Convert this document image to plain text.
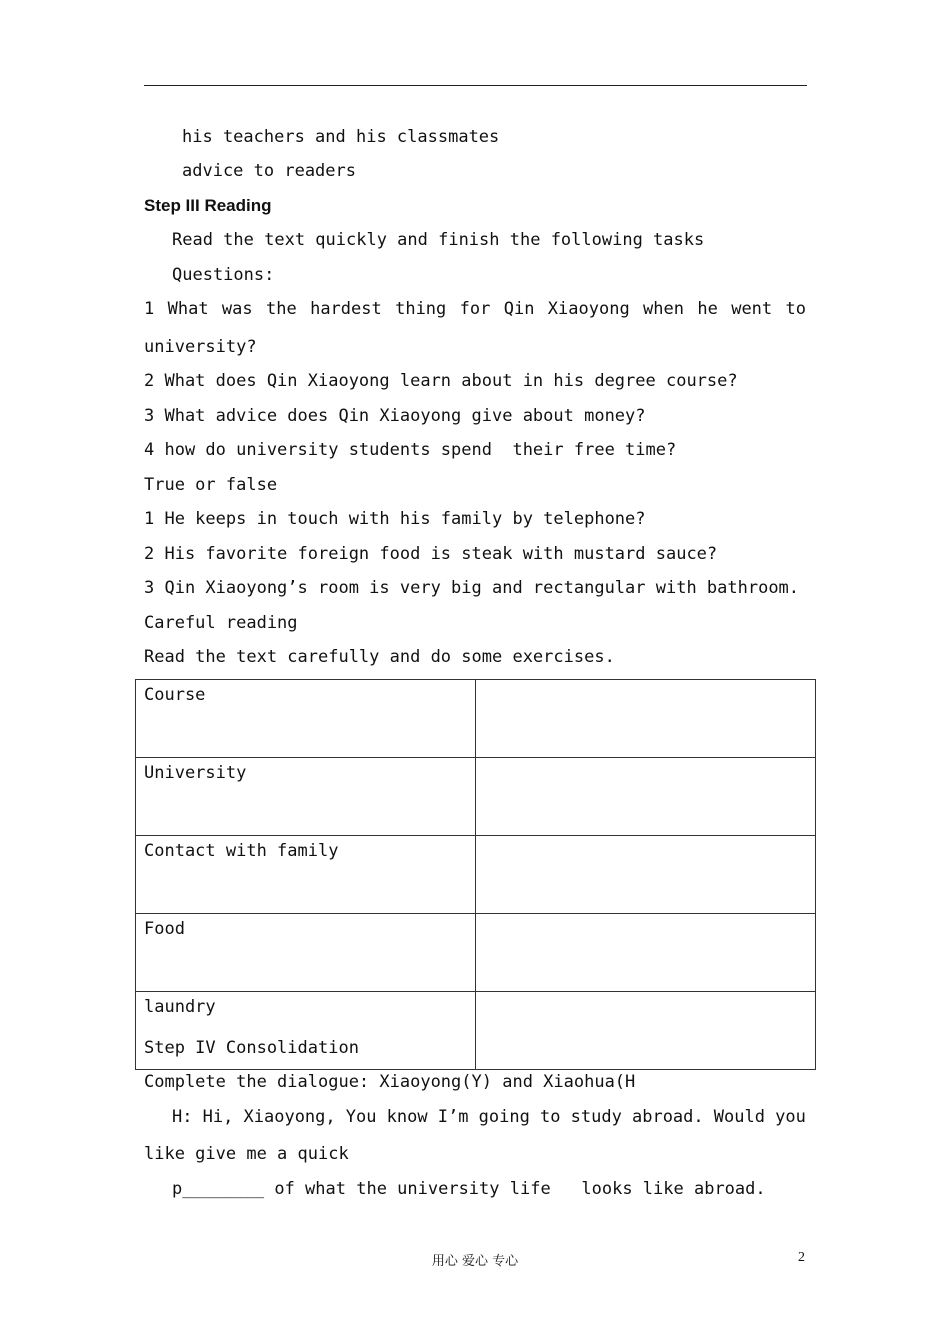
his teachers and his classmates
advice to readers
Step III Reading
Read the text quickly and finish the following tasks
Questions:
1 What was the hardest thing for Qin Xiaoyong when he went to
university?
2 What does Qin Xiaoyong learn about in his degree course?
3 What advice does Qin Xiaoyong give about money?
4 how do university students spend  their free time?
True or false
1 He keeps in touch with his family by telephone?
2 His favorite foreign food is steak with mustard sauce?
3 Qin Xiaoyong’s room is very big and rectangular with bathroom.
Careful reading
Read the text carefully and do some exercises.
Course	
University	
Contact with family	
Food	
laundry	
Step IV Consolidation
Complete the dialogue: Xiaoyong(Y) and Xiaohua(H
H: Hi, Xiaoyong, You know I’m going to study abroad. Would you
like give me a quick
p________ of what the university life   looks like abroad.
用心 爱心 专心	2
